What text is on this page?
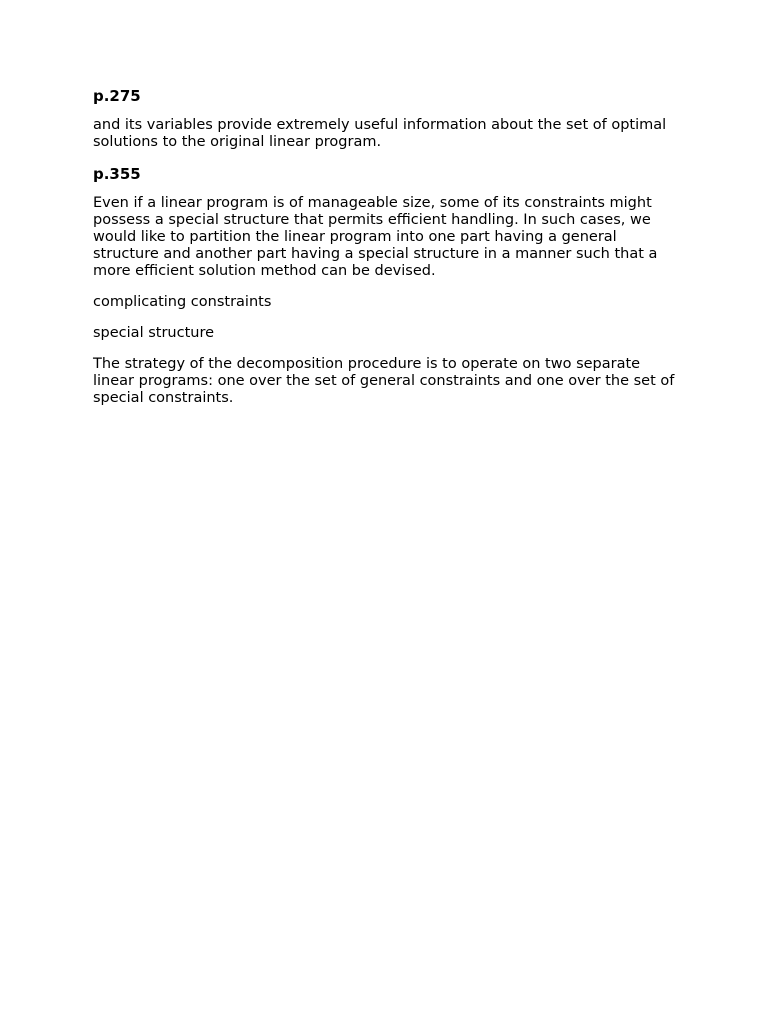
p.275

and its variables provide extremely useful information about the set of optimal solutions to the original linear program.

p.355

Even if a linear program is of manageable size, some of its constraints might possess a special structure that permits efficient handling. In such cases, we would like to partition the linear program into one part having a general structure and another part having a special structure in a manner such that a more efficient solution method can be devised.

complicating constraints

special structure

The strategy of the decomposition procedure is to operate on two separate linear programs: one over the set of general constraints and one over the set of special constraints.
